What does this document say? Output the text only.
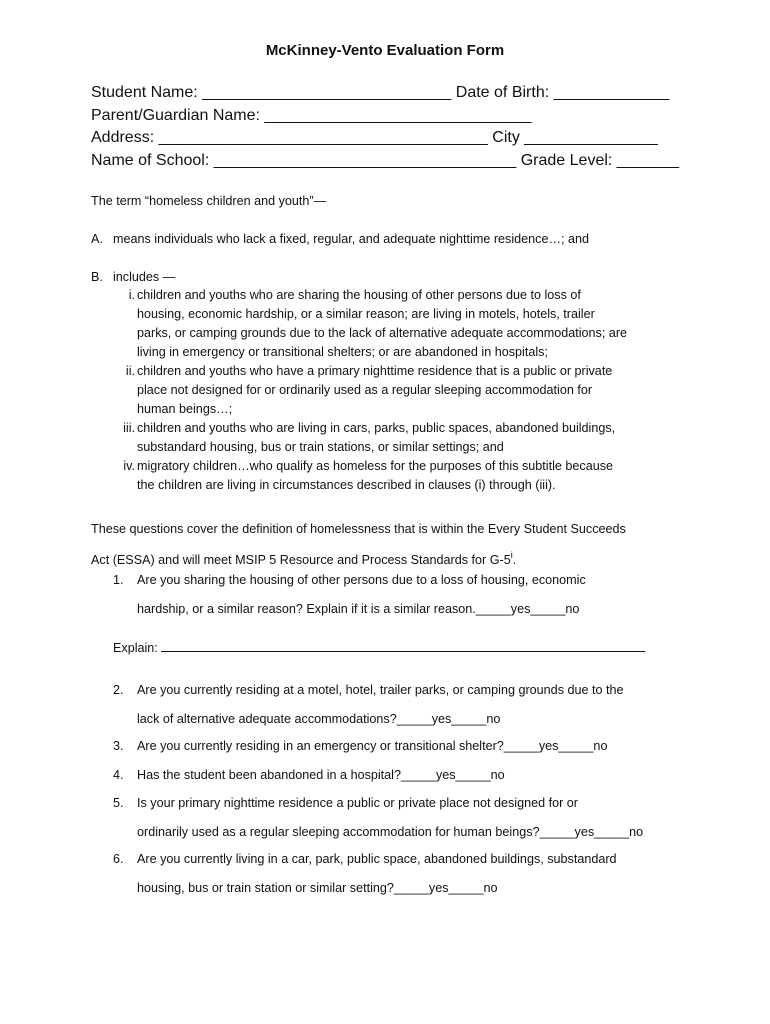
McKinney-Vento Evaluation Form
Student Name: ____________________________ Date of Birth: _____________
Parent/Guardian Name: ______________________________
Address: _____________________________________ City _______________
Name of School: __________________________________ Grade Level: _______
The term “homeless children and youth”—
A. means individuals who lack a fixed, regular, and adequate nighttime residence…; and
B. includes —
i. children and youths who are sharing the housing of other persons due to loss of
housing, economic hardship, or a similar reason; are living in motels, hotels, trailer
parks, or camping grounds due to the lack of alternative adequate accommodations; are
living in emergency or transitional shelters; or are abandoned in hospitals;
ii. children and youths who have a primary nighttime residence that is a public or private
place not designed for or ordinarily used as a regular sleeping accommodation for
human beings…;
iii. children and youths who are living in cars, parks, public spaces, abandoned buildings,
substandard housing, bus or train stations, or similar settings; and
iv. migratory children…who qualify as homeless for the purposes of this subtitle because
the children are living in circumstances described in clauses (i) through (iii).
These questions cover the definition of homelessness that is within the Every Student Succeeds
Act (ESSA) and will meet MSIP 5 Resource and Process Standards for G-5$^i$.
1.	Are you sharing the housing of other persons due to a loss of housing, economic
hardship, or a similar reason? Explain if it is a similar reason._____yes_____no
Explain:
2.	Are you currently residing at a motel, hotel, trailer parks, or camping grounds due to the
lack of alternative adequate accommodations?_____yes_____no
3.	Are you currently residing in an emergency or transitional shelter?_____yes_____no
4.	Has the student been abandoned in a hospital?_____yes_____no
5.	Is your primary nighttime residence a public or private place not designed for or
ordinarily used as a regular sleeping accommodation for human beings?_____yes_____no
6.	Are you currently living in a car, park, public space, abandoned buildings, substandard
housing, bus or train station or similar setting?_____yes_____no
